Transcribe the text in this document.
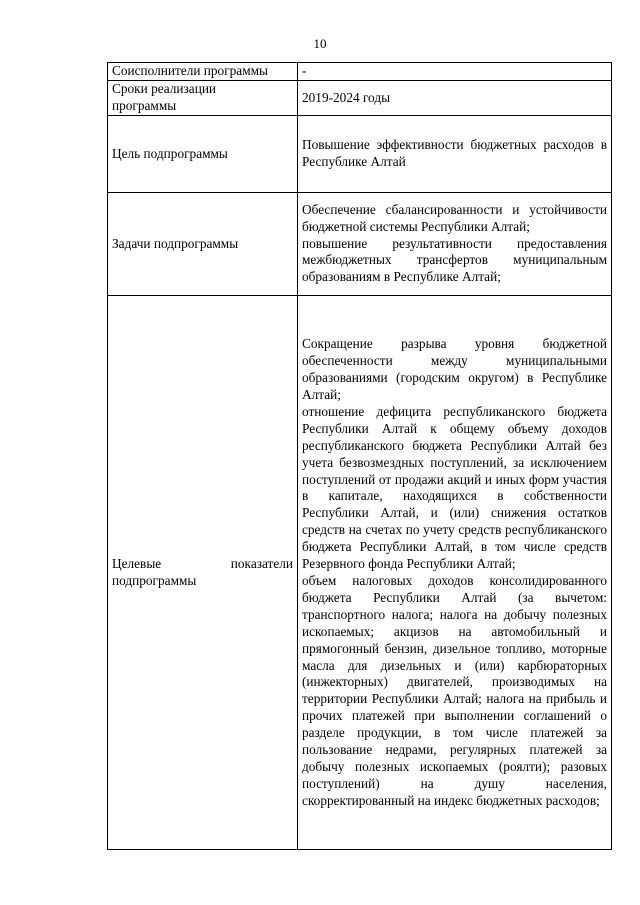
10
Соисполнители программы	-
Сроки реализации
программы	2019-2024 годы
Цель подпрограммы	Повышение эффективности бюджетных расходов в Республике Алтай
Задачи подпрограммы	Обеспечение сбалансированности и устойчивости бюджетной системы Республики Алтай;
повышение результативности предоставления межбюджетных трансфертов муниципальным образованиям в Республике Алтай;

Целевые показатели
подпрограммы	Сокращение разрыва уровня бюджетной обеспеченности между муниципальными образованиями (городским округом) в Республике Алтай;
отношение дефицита республиканского бюджета Республики Алтай к общему объему доходов республиканского бюджета Республики Алтай без учета безвозмездных поступлений, за исключением поступлений от продажи акций и иных форм участия в капитале, находящихся в собственности Республики Алтай, и (или) снижения остатков средств на счетах по учету средств республиканского бюджета Республики Алтай, в том числе средств Резервного фонда Республики Алтай;
объем налоговых доходов консолидированного бюджета Республики Алтай (за вычетом: транспортного налога; налога на добычу полезных ископаемых; акцизов на автомобильный и прямогонный бензин, дизельное топливо, моторные масла для дизельных и (или) карбюраторных (инжекторных) двигателей, производимых на территории Республики Алтай; налога на прибыль и прочих платежей при выполнении соглашений о разделе продукции, в том числе платежей за пользование недрами, регулярных платежей за добычу полезных ископаемых (роялти); разовых поступлений) на душу населения, скорректированный на индекс бюджетных расходов;
